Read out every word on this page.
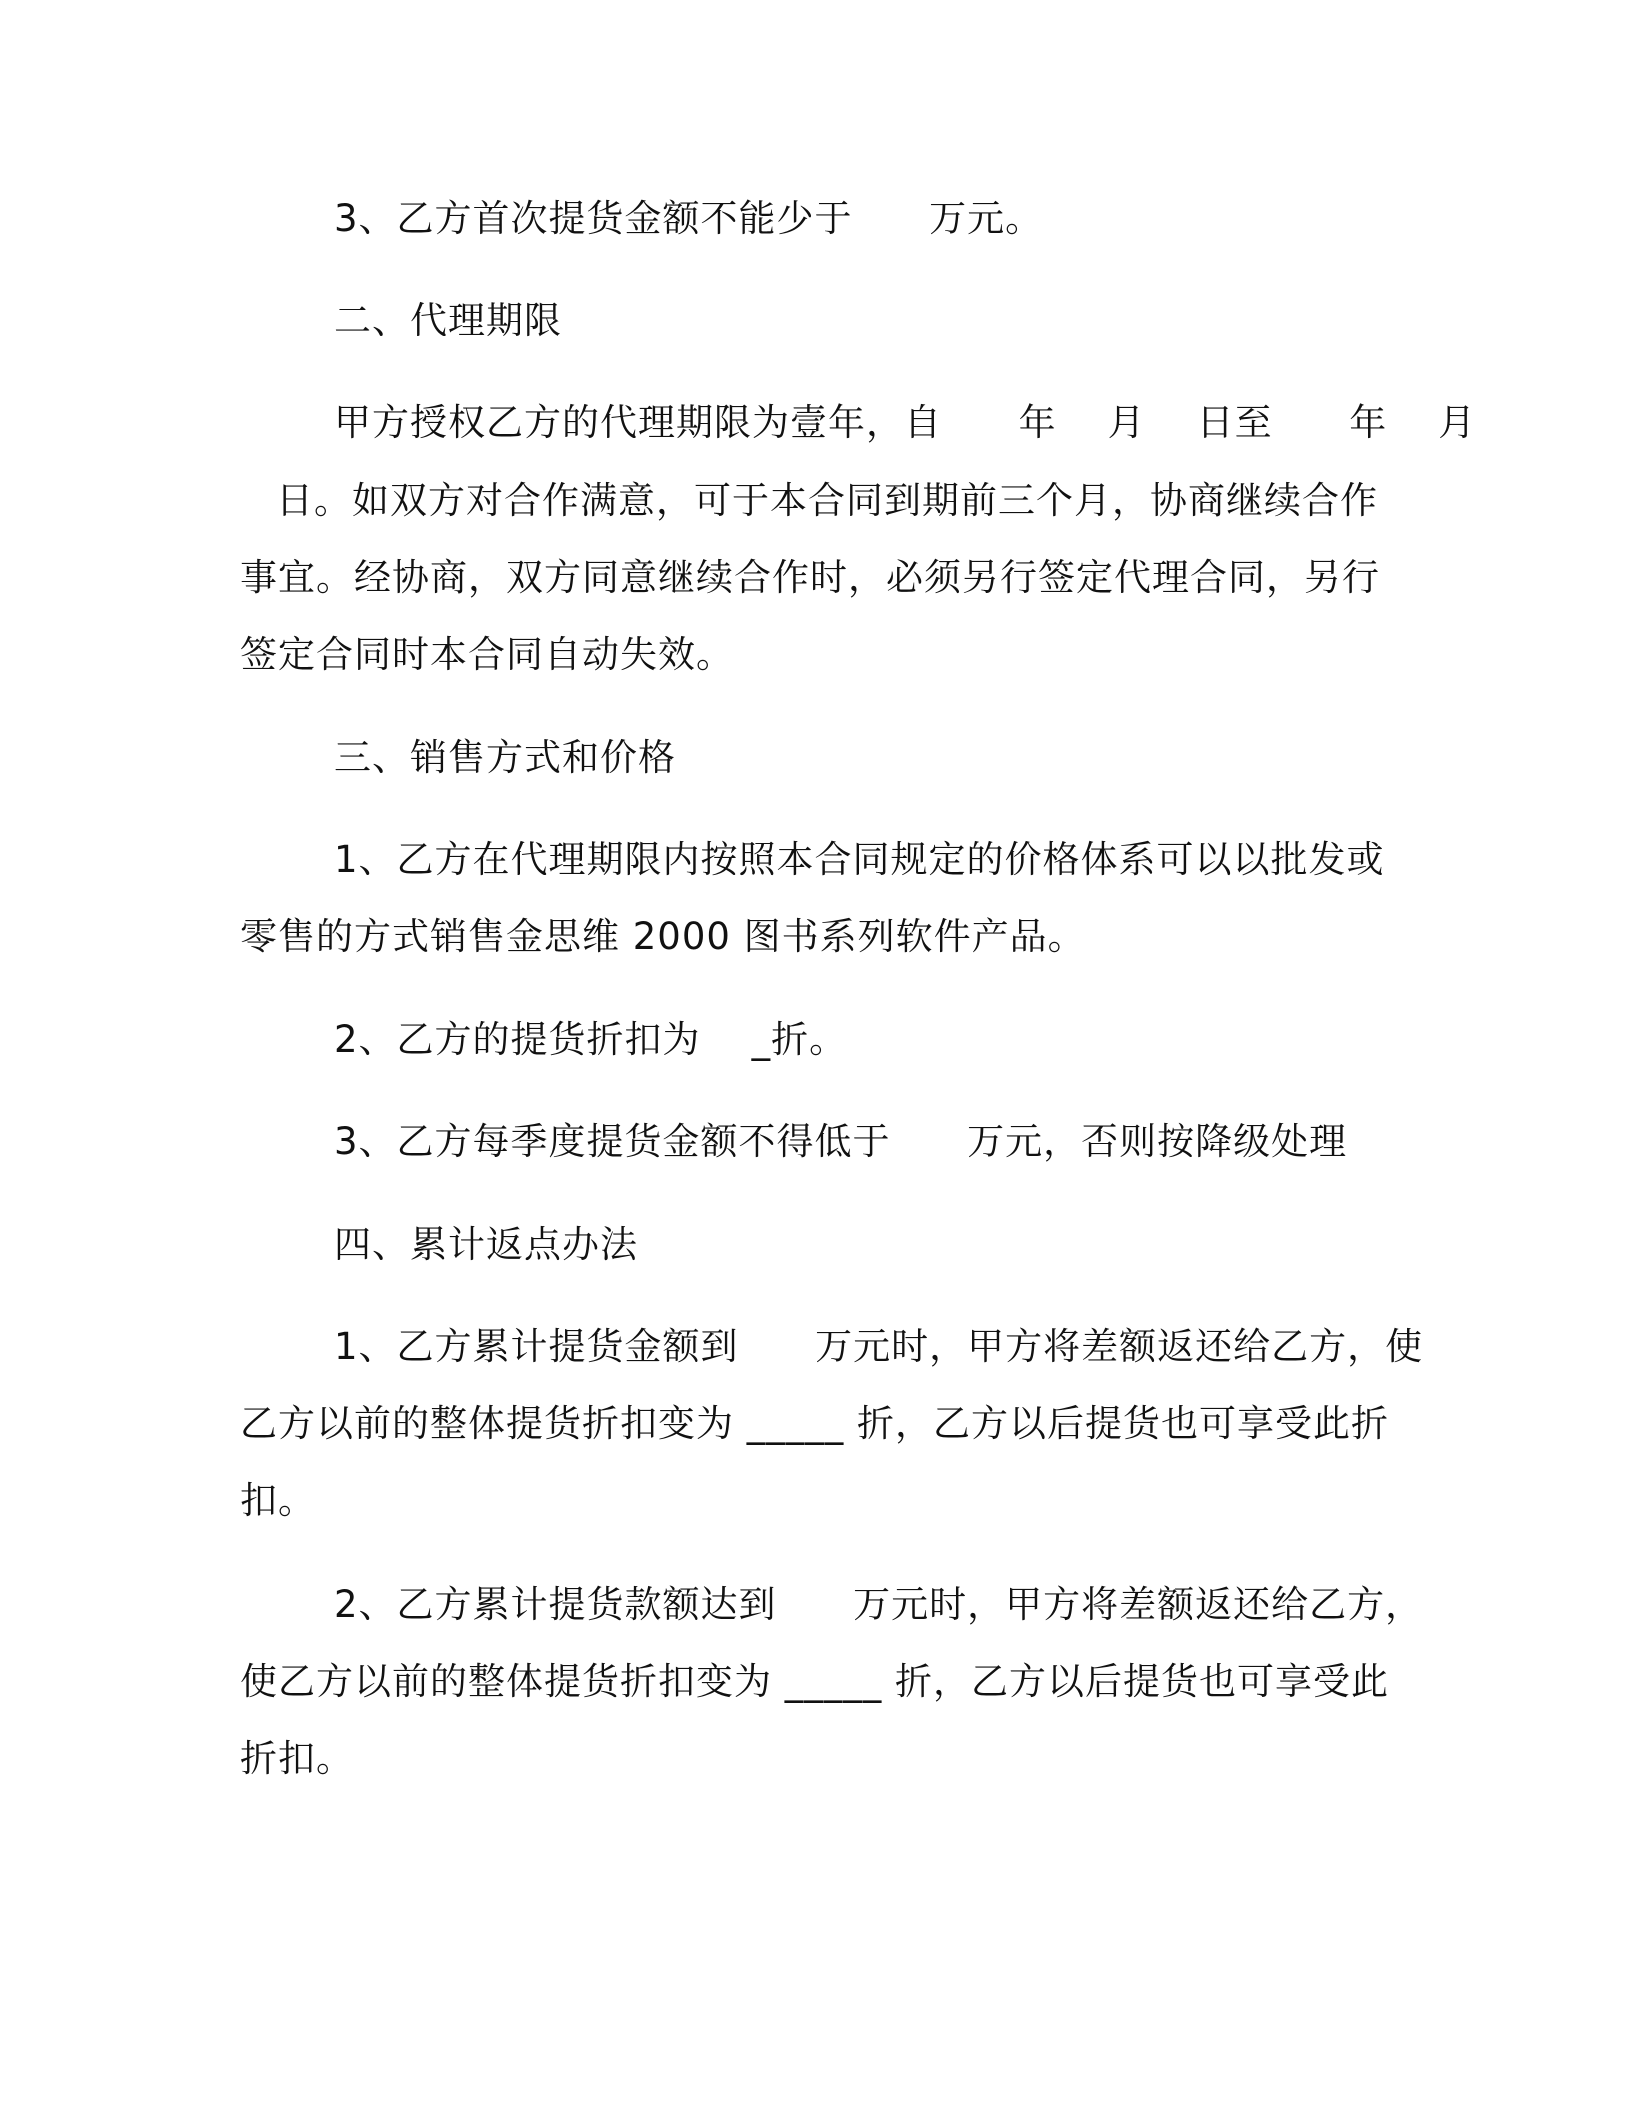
3、乙方首次提货金额不能少于      万元。
二、代理期限
甲方授权乙方的代理期限为壹年，自      年    月    日至      年    月
日。如双方对合作满意，可于本合同到期前三个月，协商继续合作
事宜。经协商，双方同意继续合作时，必须另行签定代理合同，另行
签定合同时本合同自动失效。
三、销售方式和价格
1、乙方在代理期限内按照本合同规定的价格体系可以以批发或
零售的方式销售金思维 2000 图书系列软件产品。
2、乙方的提货折扣为    _折。
3、乙方每季度提货金额不得低于      万元，否则按降级处理
四、累计返点办法
1、乙方累计提货金额到      万元时，甲方将差额返还给乙方，使
乙方以前的整体提货折扣变为 _____ 折，乙方以后提货也可享受此折
扣。
2、乙方累计提货款额达到      万元时，甲方将差额返还给乙方，
使乙方以前的整体提货折扣变为 _____ 折，乙方以后提货也可享受此
折扣。
